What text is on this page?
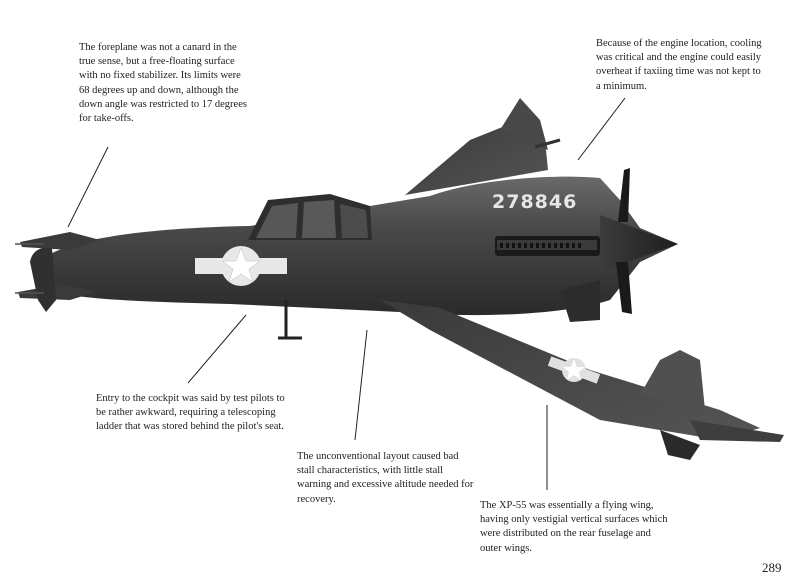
278846
The foreplane was not a canard in the true sense, but a free-floating surface with no fixed stabilizer. Its limits were 68 degrees up and down, although the down angle was restricted to 17 degrees for take-offs.
Because of the engine location, cooling was critical and the engine could easily overheat if taxiing time was not kept to a minimum.
Entry to the cockpit was said by test pilots to be rather awkward, requiring a telescoping ladder that was stored behind the pilot's seat.
The unconventional layout caused bad stall characteristics, with little stall warning and excessive altitude needed for recovery.
The XP-55 was essentially a flying wing, having only vestigial vertical surfaces which were distributed on the rear fuselage and outer wings.
289
